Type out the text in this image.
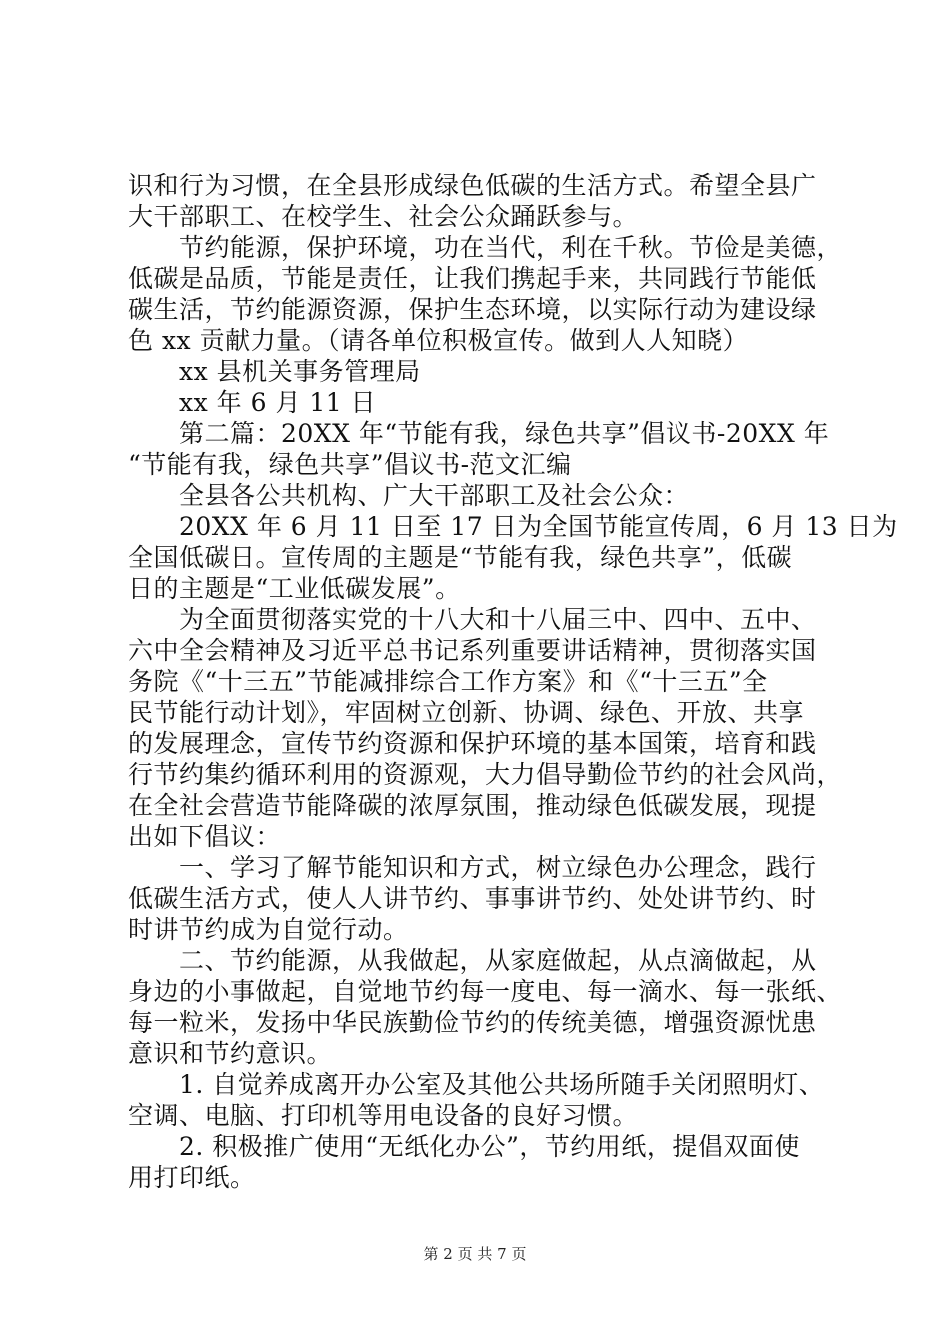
识和行为习惯，在全县形成绿色低碳的生活方式。希望全县广
大干部职工、在校学生、社会公众踊跃参与。
　　节约能源，保护环境，功在当代，利在千秋。节俭是美德，
低碳是品质，节能是责任，让我们携起手来，共同践行节能低
碳生活，节约能源资源，保护生态环境，以实际行动为建设绿
色 xx 贡献力量。（请各单位积极宣传。做到人人知晓）
　　xx 县机关事务管理局
　　xx 年 6 月 11 日
　　第二篇：20XX 年“节能有我，绿色共享”倡议书-20XX 年
“节能有我，绿色共享”倡议书-范文汇编
　　全县各公共机构、广大干部职工及社会公众：
　　20XX 年 6 月 11 日至 17 日为全国节能宣传周，6 月 13 日为
全国低碳日。宣传周的主题是“节能有我，绿色共享”，低碳
日的主题是“工业低碳发展”。
　　为全面贯彻落实党的十八大和十八届三中、四中、五中、
六中全会精神及习近平总书记系列重要讲话精神，贯彻落实国
务院《“十三五”节能减排综合工作方案》和《“十三五”全
民节能行动计划》，牢固树立创新、协调、绿色、开放、共享
的发展理念，宣传节约资源和保护环境的基本国策，培育和践
行节约集约循环利用的资源观，大力倡导勤俭节约的社会风尚，
在全社会营造节能降碳的浓厚氛围，推动绿色低碳发展，现提
出如下倡议：
　　一、学习了解节能知识和方式，树立绿色办公理念，践行
低碳生活方式，使人人讲节约、事事讲节约、处处讲节约、时
时讲节约成为自觉行动。
　　二、节约能源，从我做起，从家庭做起，从点滴做起，从
身边的小事做起，自觉地节约每一度电、每一滴水、每一张纸、
每一粒米，发扬中华民族勤俭节约的传统美德，增强资源忧患
意识和节约意识。
　　1. 自觉养成离开办公室及其他公共场所随手关闭照明灯、
空调、电脑、打印机等用电设备的良好习惯。
　　2. 积极推广使用“无纸化办公”，节约用纸，提倡双面使
用打印纸。
第 2 页 共 7 页
